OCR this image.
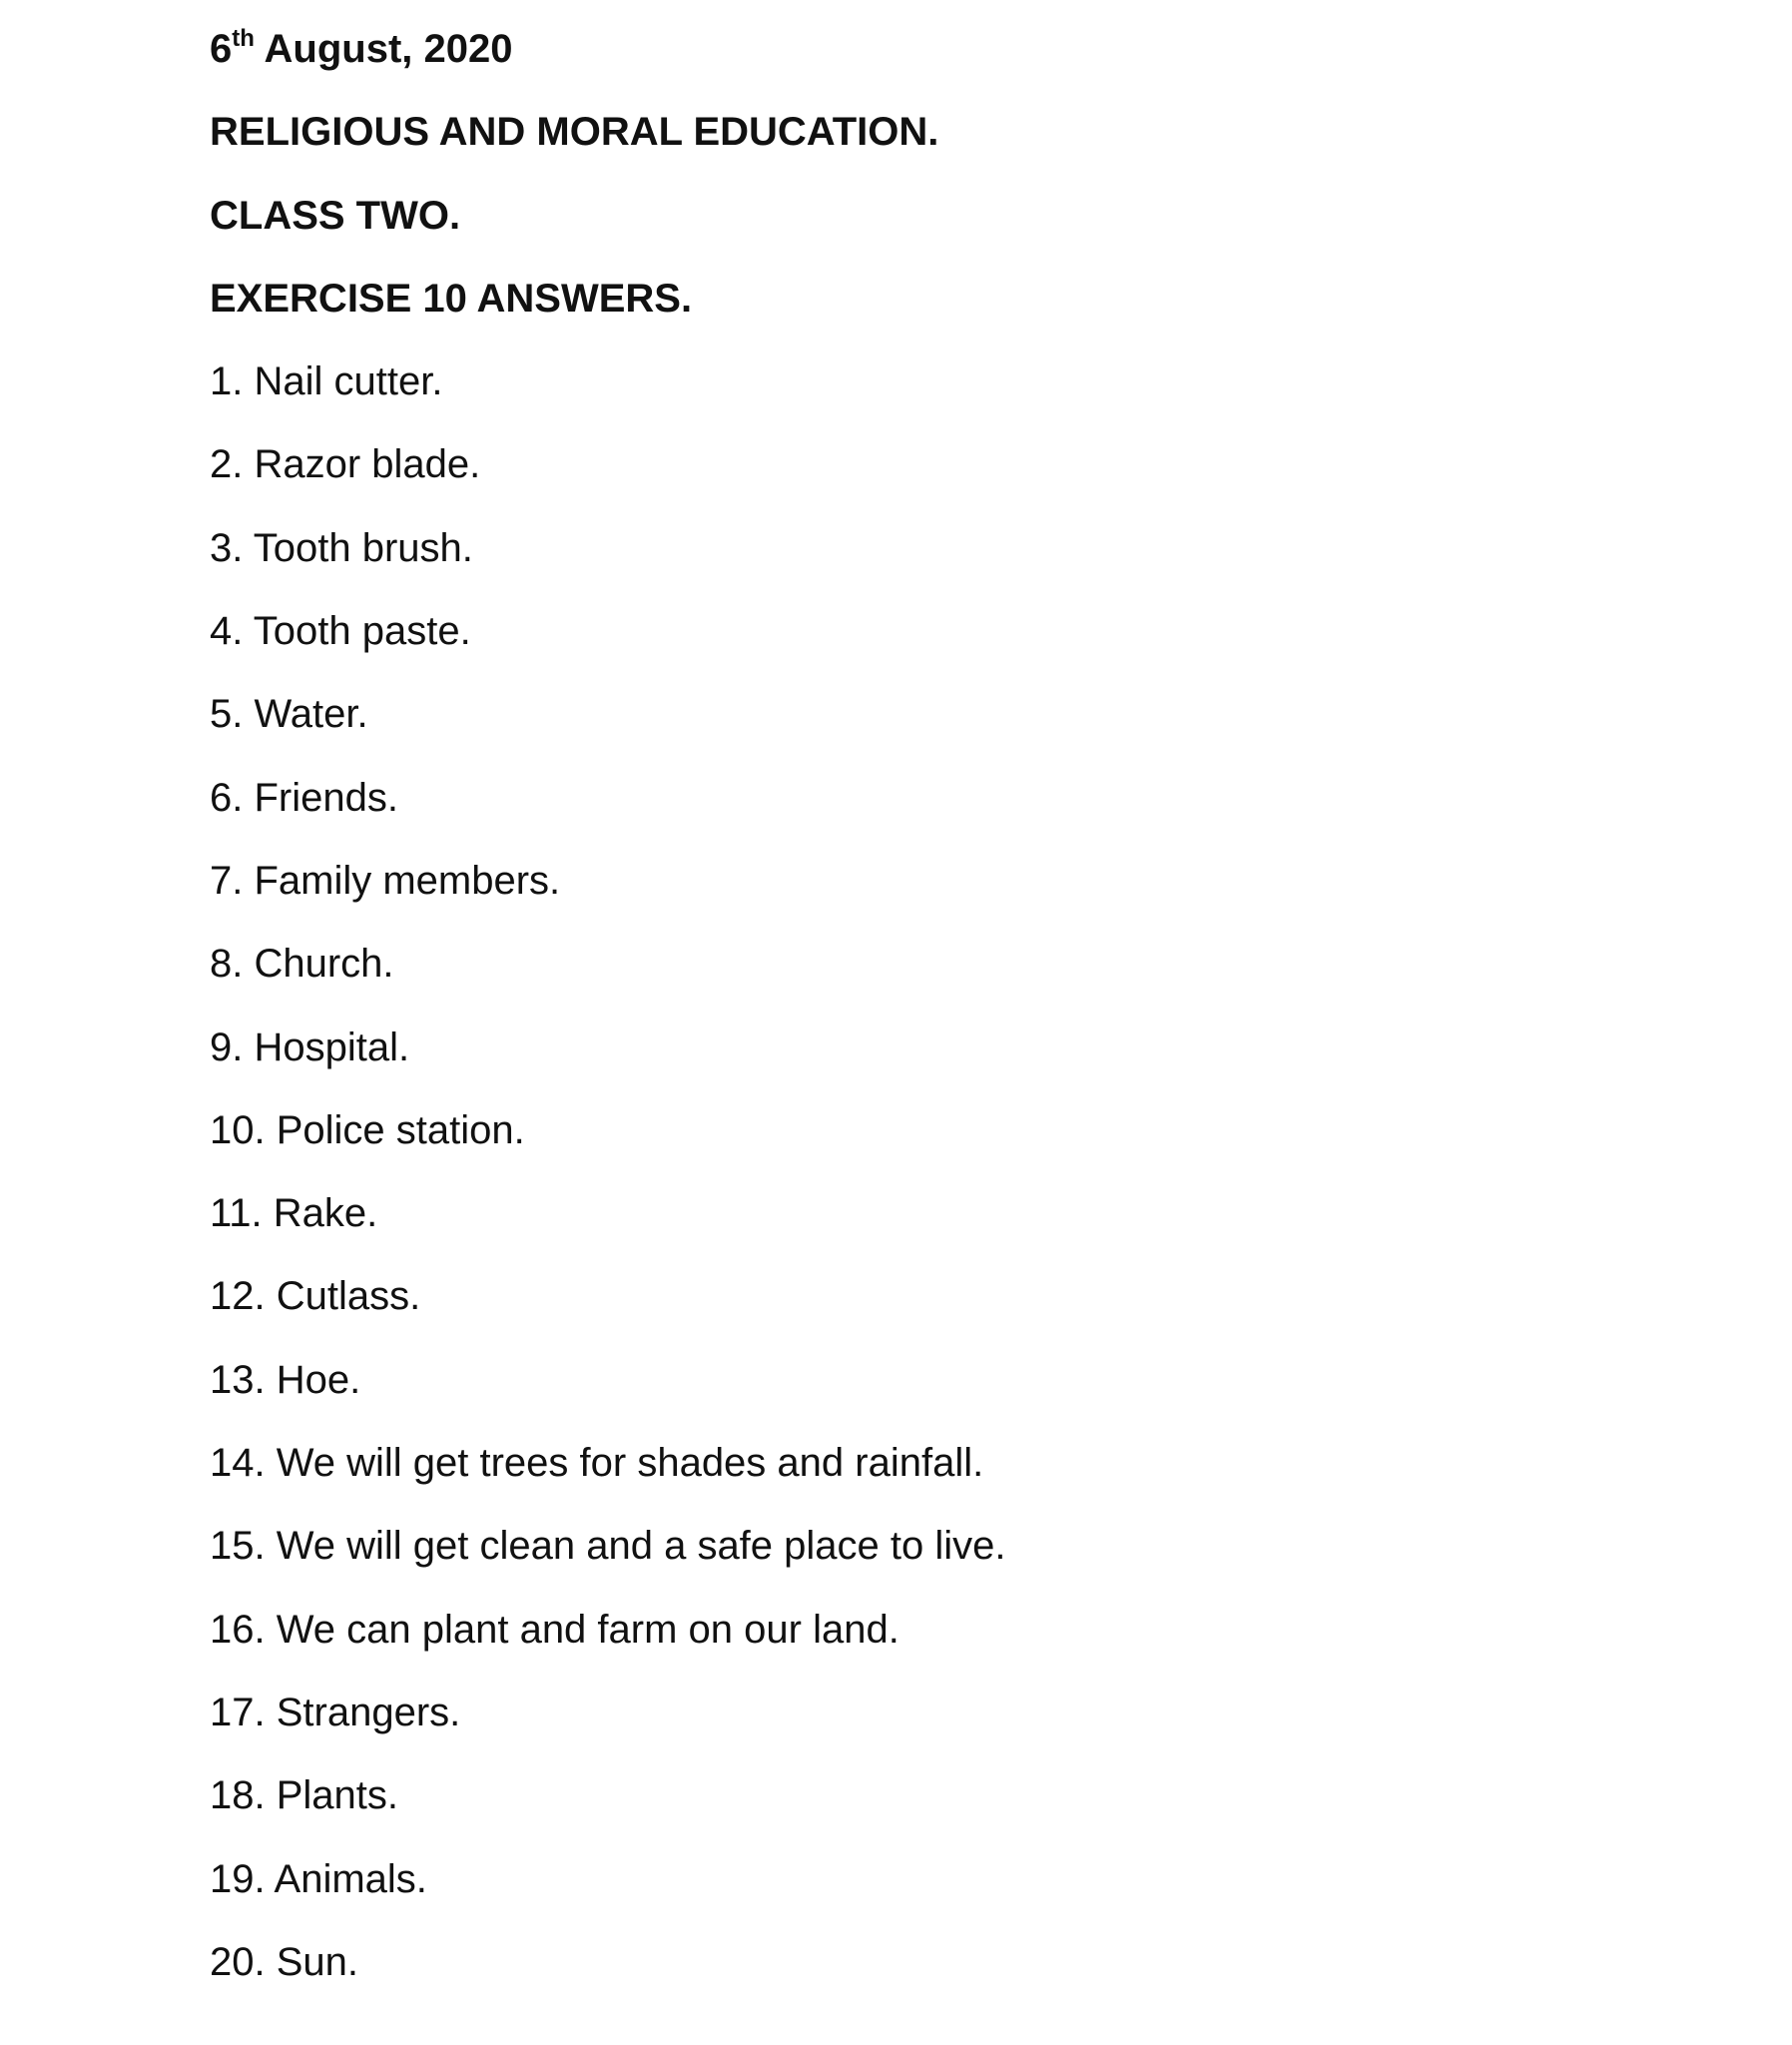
6th August, 2020

RELIGIOUS AND MORAL EDUCATION.

CLASS TWO.

EXERCISE 10 ANSWERS.

1. Nail cutter.

2. Razor blade.

3. Tooth brush.

4. Tooth paste.

5. Water.

6. Friends.

7. Family members.

8. Church.

9. Hospital.

10. Police station.

11. Rake.

12. Cutlass.

13. Hoe.

14. We will get trees for shades and rainfall.

15. We will get clean and a safe place to live.

16. We can plant and farm on our land.

17. Strangers.

18. Plants.

19. Animals.

20. Sun.
